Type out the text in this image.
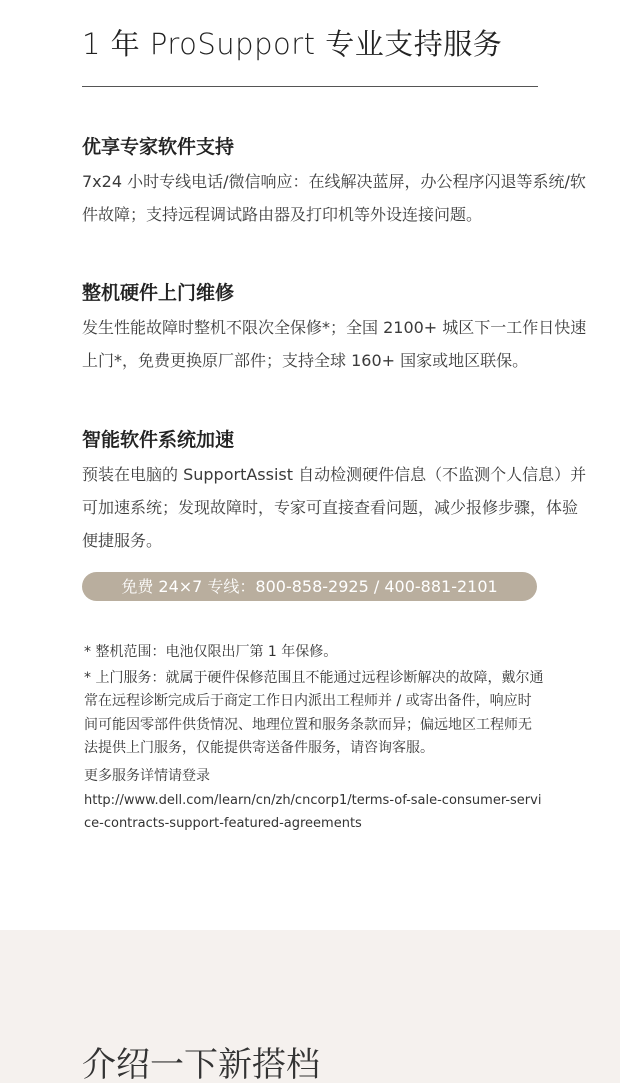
1 年 ProSupport 专业支持服务
优享专家软件支持

7x24 小时专线电话/微信响应：在线解决蓝屏，办公程序闪退等系统/软件故障；支持远程调试路由器及打印机等外设连接问题。

整机硬件上门维修

发生性能故障时整机不限次全保修*；全国 2100+ 城区下一工作日快速上门*，免费更换原厂部件；支持全球 160+ 国家或地区联保。

智能软件系统加速

预装在电脑的 SupportAssist 自动检测硬件信息（不监测个人信息）并可加速系统；发现故障时，专家可直接查看问题，减少报修步骤，体验便捷服务。

免费 24×7 专线：800-858-2925 / 400-881-2101

* 整机范围：电池仅限出厂第 1 年保修。

* 上门服务：就属于硬件保修范围且不能通过远程诊断解决的故障，戴尔通常在远程诊断完成后于商定工作日内派出工程师并 / 或寄出备件，响应时间可能因零部件供货情况、地理位置和服务条款而异；偏远地区工程师无法提供上门服务，仅能提供寄送备件服务，请咨询客服。

更多服务详情请登录

http://www.dell.com/learn/cn/zh/cncorp1/terms-of-sale-consumer-service-contracts-support-featured-agreements

介绍一下新搭档
